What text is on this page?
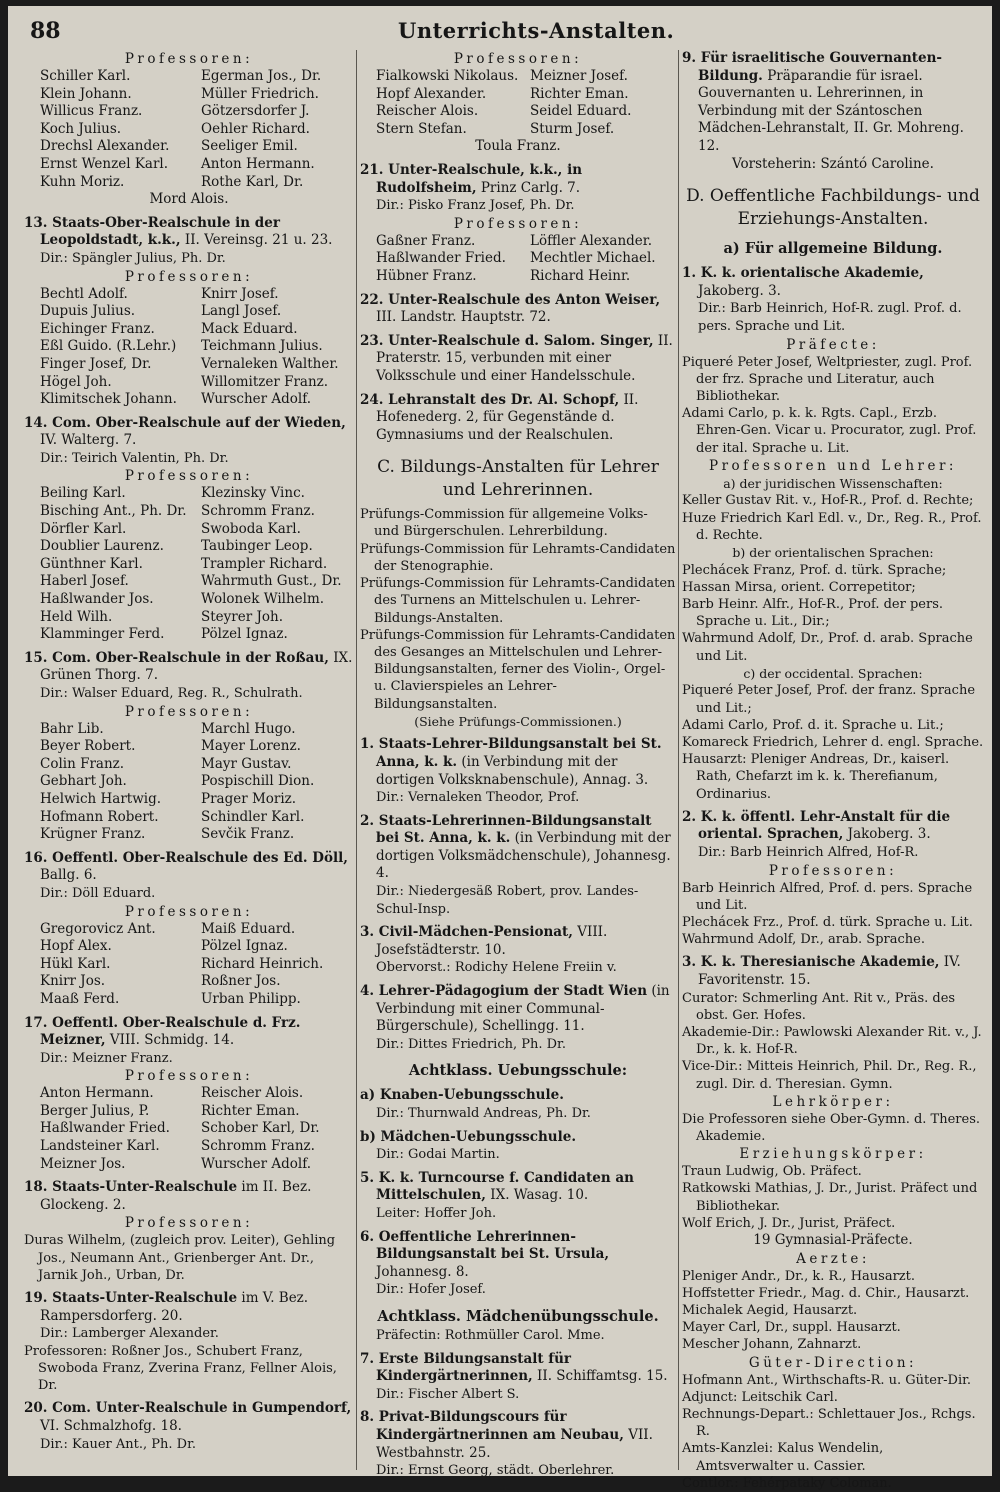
88	Unterrichts-Anstalten.

Professoren:

Schiller Karl.	Egerman Jos., Dr.
Klein Johann.	Müller Friedrich.
Willicus Franz.	Götzersdorfer J.
Koch Julius.	Oehler Richard.
Drechsl Alexander.	Seeliger Emil.
Ernst Wenzel Karl.	Anton Hermann.
Kuhn Moriz.	Rothe Karl, Dr.

Mord Alois.

13. Staats-Ober-Realschule in der Leopoldstadt, k.k., II. Vereinsg. 21 u. 23.

Dir.: Spängler Julius, Ph. Dr.

Professoren:

Bechtl Adolf.	Knirr Josef.
Dupuis Julius.	Langl Josef.
Eichinger Franz.	Mack Eduard.
Eßl Guido. (R.Lehr.)	Teichmann Julius.
Finger Josef, Dr.	Vernaleken Walther.
Högel Joh.	Willomitzer Franz.
Klimitschek Johann.	Wurscher Adolf.

14. Com. Ober-Realschule auf der Wieden, IV. Walterg. 7.

Dir.: Teirich Valentin, Ph. Dr.

Professoren:

Beiling Karl.	Klezinsky Vinc.
Bisching Ant., Ph. Dr.	Schromm Franz.
Dörfler Karl.	Swoboda Karl.
Doublier Laurenz.	Taubinger Leop.
Günthner Karl.	Trampler Richard.
Haberl Josef.	Wahrmuth Gust., Dr.
Haßlwander Jos.	Wolonek Wilhelm.
Held Wilh.	Steyrer Joh.
Klamminger Ferd.	Pölzel Ignaz.

15. Com. Ober-Realschule in der Roßau, IX. Grünen Thorg. 7.

Dir.: Walser Eduard, Reg. R., Schulrath.

Professoren:

Bahr Lib.	Marchl Hugo.
Beyer Robert.	Mayer Lorenz.
Colin Franz.	Mayr Gustav.
Gebhart Joh.	Pospischill Dion.
Helwich Hartwig.	Prager Moriz.
Hofmann Robert.	Schindler Karl.
Krügner Franz.	Sevčik Franz.

16. Oeffentl. Ober-Realschule des Ed. Döll, Ballg. 6.

Dir.: Döll Eduard.

Professoren:

Gregorovicz Ant.	Maiß Eduard.
Hopf Alex.	Pölzel Ignaz.
Hükl Karl.	Richard Heinrich.
Knirr Jos.	Roßner Jos.
Maaß Ferd.	Urban Philipp.

17. Oeffentl. Ober-Realschule d. Frz. Meizner, VIII. Schmidg. 14.

Dir.: Meizner Franz.

Professoren:

Anton Hermann.	Reischer Alois.
Berger Julius, P.	Richter Eman.
Haßlwander Fried.	Schober Karl, Dr.
Landsteiner Karl.	Schromm Franz.
Meizner Jos.	Wurscher Adolf.

18. Staats-Unter-Realschule im II. Bez. Glockeng. 2.

Professoren:

Duras Wilhelm, (zugleich prov. Leiter), Gehling Jos., Neumann Ant., Grienberger Ant. Dr., Jarnik Joh., Urban, Dr.

19. Staats-Unter-Realschule im V. Bez. Rampersdorferg. 20.

Dir.: Lamberger Alexander.

Professoren: Roßner Jos., Schubert Franz, Swoboda Franz, Zverina Franz, Fellner Alois, Dr.

20. Com. Unter-Realschule in Gumpendorf, VI. Schmalzhofg. 18.

Dir.: Kauer Ant., Ph. Dr.

Professoren:

Fialkowski Nikolaus. Meizner Josef.
Hopf Alexander.	Richter Eman.
Reischer Alois.	Seidel Eduard.
Stern Stefan.	Sturm Josef.

Toula Franz.

21. Unter-Realschule, k.k., in Rudolfsheim, Prinz Carlg. 7.

Dir.: Pisko Franz Josef, Ph. Dr.

Professoren:

Gaßner Franz.	Löffler Alexander.
Haßlwander Fried.	Mechtler Michael.
Hübner Franz.	Richard Heinr.

22. Unter-Realschule des Anton Weiser, III. Landstr. Hauptstr. 72.

23. Unter-Realschule d. Salom. Singer, II. Praterstr. 15, verbunden mit einer Volksschule und einer Handelsschule.

24. Lehranstalt des Dr. Al. Schopf, II. Hofenederg. 2, für Gegenstände d. Gymnasiums und der Realschulen.

C. Bildungs-Anstalten für Lehrer und Lehrerinnen.

Prüfungs-Commission für allgemeine Volks- und Bürgerschulen. Lehrerbildung.

Prüfungs-Commission für Lehramts-Candidaten der Stenographie.

Prüfungs-Commission für Lehramts-Candidaten des Turnens an Mittelschulen u. Lehrer-Bildungs-Anstalten.

Prüfungs-Commission für Lehramts-Candidaten des Gesanges an Mittelschulen und Lehrer-Bildungsanstalten, ferner des Violin-, Orgel- u. Clavierspieles an Lehrer-Bildungsanstalten.

(Siehe Prüfungs-Commissionen.)

1. Staats-Lehrer-Bildungsanstalt bei St. Anna, k. k. (in Verbindung mit der dortigen Volksknabenschule), Annag. 3.

Dir.: Vernaleken Theodor, Prof.

2. Staats-Lehrerinnen-Bildungsanstalt bei St. Anna, k. k. (in Verbindung mit der dortigen Volksmädchenschule), Johannesg. 4.

Dir.: Niedergesäß Robert, prov. Landes-Schul-Insp.

3. Civil-Mädchen-Pensionat, VIII. Josefstädterstr. 10.

Obervorst.: Rodichy Helene Freiin v.

4. Lehrer-Pädagogium der Stadt Wien (in Verbindung mit einer Communal-Bürgerschule), Schellingg. 11.

Dir.: Dittes Friedrich, Ph. Dr.

Achtklass. Uebungsschule:

a) Knaben-Uebungsschule.

Dir.: Thurnwald Andreas, Ph. Dr.

b) Mädchen-Uebungsschule.

Dir.: Godai Martin.

5. K. k. Turncourse f. Candidaten an Mittelschulen, IX. Wasag. 10.

Leiter: Hoffer Joh.

6. Oeffentliche Lehrerinnen-Bildungsanstalt bei St. Ursula, Johannesg. 8.

Dir.: Hofer Josef.

Achtklass. Mädchenübungsschule.

Präfectin: Rothmüller Carol. Mme.

7. Erste Bildungsanstalt für Kindergärtnerinnen, II. Schiffamtsg. 15.

Dir.: Fischer Albert S.

8. Privat-Bildungscours für Kindergärtnerinnen am Neubau, VII. Westbahnstr. 25.

Dir.: Ernst Georg, städt. Oberlehrer.

9. Für israelitische Gouvernanten-Bildung. Präparandie für israel. Gouvernanten u. Lehrerinnen, in Verbindung mit der Szántoschen Mädchen-Lehranstalt, II. Gr. Mohreng. 12.

Vorsteherin: Szántó Caroline.

D. Oeffentliche Fachbildungs- und Erziehungs-Anstalten.

a) Für allgemeine Bildung.

1. K. k. orientalische Akademie, Jakoberg. 3.

Dir.: Barb Heinrich, Hof-R. zugl. Prof. d. pers. Sprache und Lit.

Präfecte:

Piqueré Peter Josef, Weltpriester, zugl. Prof. der frz. Sprache und Literatur, auch Bibliothekar.

Adami Carlo, p. k. k. Rgts. Capl., Erzb. Ehren-Gen. Vicar u. Procurator, zugl. Prof. der ital. Sprache u. Lit.

Professoren und Lehrer:

a) der juridischen Wissenschaften:

Keller Gustav Rit. v., Hof-R., Prof. d. Rechte;

Huze Friedrich Karl Edl. v., Dr., Reg. R., Prof. d. Rechte.

b) der orientalischen Sprachen:

Plechácek Franz, Prof. d. türk. Sprache;

Hassan Mirsa, orient. Correpetitor;

Barb Heinr. Alfr., Hof-R., Prof. der pers. Sprache u. Lit., Dir.;

Wahrmund Adolf, Dr., Prof. d. arab. Sprache und Lit.

c) der occidental. Sprachen:

Piqueré Peter Josef, Prof. der franz. Sprache und Lit.;

Adami Carlo, Prof. d. it. Sprache u. Lit.;

Komareck Friedrich, Lehrer d. engl. Sprache.

Hausarzt: Pleniger Andreas, Dr., kaiserl. Rath, Chefarzt im k. k. Therefianum, Ordinarius.

2. K. k. öffentl. Lehr-Anstalt für die oriental. Sprachen, Jakoberg. 3.

Dir.: Barb Heinrich Alfred, Hof-R.

Professoren:

Barb Heinrich Alfred, Prof. d. pers. Sprache und Lit.

Plechácek Frz., Prof. d. türk. Sprache u. Lit.

Wahrmund Adolf, Dr., arab. Sprache.

3. K. k. Theresianische Akademie, IV. Favoritenstr. 15.

Curator: Schmerling Ant. Rit v., Präs. des obst. Ger. Hofes.

Akademie-Dir.: Pawlowski Alexander Rit. v., J. Dr., k. k. Hof-R.

Vice-Dir.: Mitteis Heinrich, Phil. Dr., Reg. R., zugl. Dir. d. Theresian. Gymn.

Lehrkörper:

Die Professoren siehe Ober-Gymn. d. Theres. Akademie.

Erziehungskörper:

Traun Ludwig, Ob. Präfect.

Ratkowski Mathias, J. Dr., Jurist. Präfect und Bibliothekar.

Wolf Erich, J. Dr., Jurist, Präfect.

19 Gymnasial-Präfecte.

Aerzte:

Pleniger Andr., Dr., k. R., Hausarzt.

Hoffstetter Friedr., Mag. d. Chir., Hausarzt.

Michalek Aegid, Hausarzt.

Mayer Carl, Dr., suppl. Hausarzt.

Mescher Johann, Zahnarzt.

Güter-Direction:

Hofmann Ant., Wirthschafts-R. u. Güter-Dir.

Adjunct: Leitschik Carl.

Rechnungs-Depart.: Schlettauer Jos., Rchgs. R.

Amts-Kanzlei: Kalus Wendelin, Amtsverwalter u. Cassier.

Contlor.: Fehérpataky Coloman.
